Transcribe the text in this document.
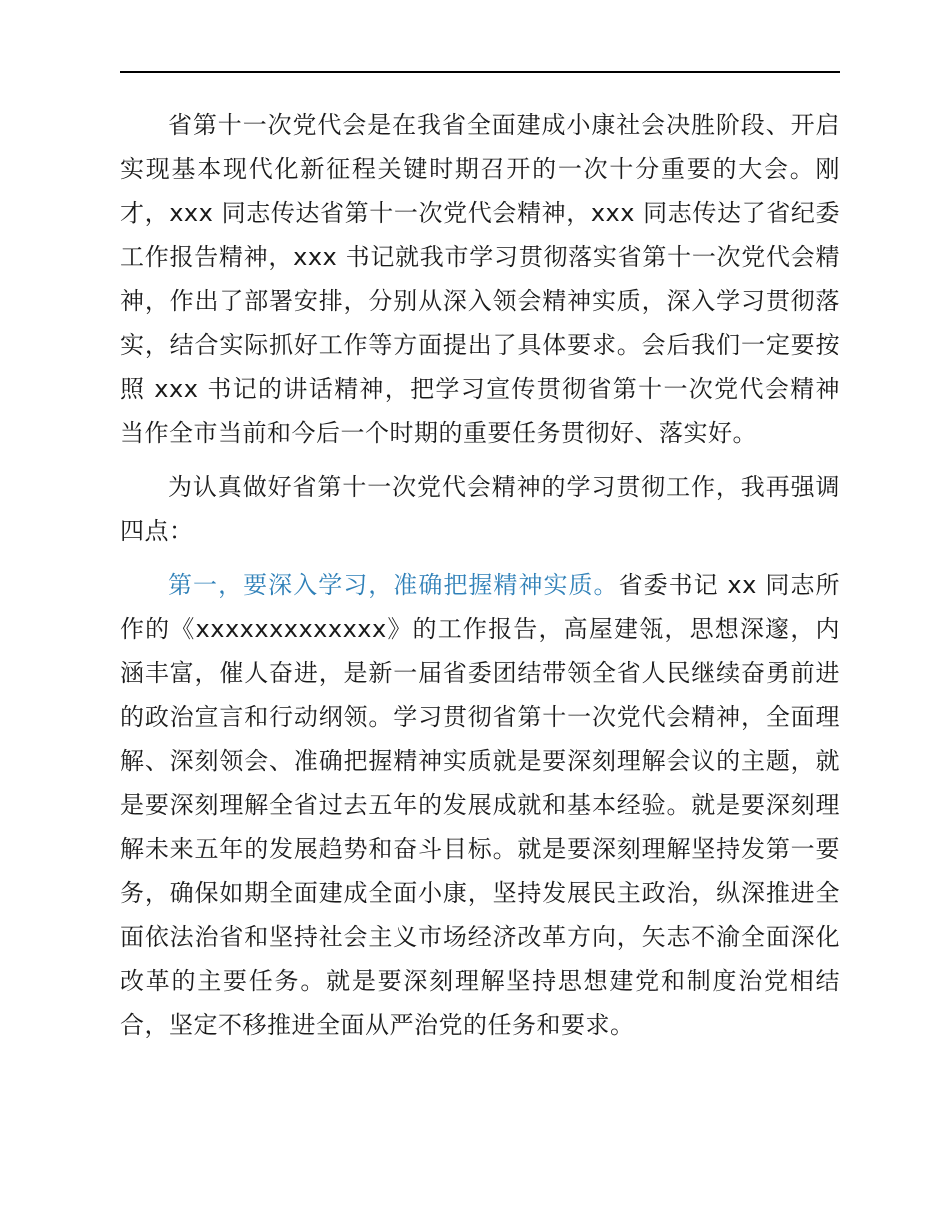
省第十一次党代会是在我省全面建成小康社会决胜阶段、开启实现基本现代化新征程关键时期召开的一次十分重要的大会。刚才，xxx 同志传达省第十一次党代会精神，xxx 同志传达了省纪委工作报告精神，xxx 书记就我市学习贯彻落实省第十一次党代会精神，作出了部署安排，分别从深入领会精神实质，深入学习贯彻落实，结合实际抓好工作等方面提出了具体要求。会后我们一定要按照 xxx 书记的讲话精神，把学习宣传贯彻省第十一次党代会精神当作全市当前和今后一个时期的重要任务贯彻好、落实好。

为认真做好省第十一次党代会精神的学习贯彻工作，我再强调四点：

第一，要深入学习，准确把握精神实质。省委书记 xx 同志所作的《xxxxxxxxxxxxx》的工作报告，高屋建瓴，思想深邃，内涵丰富，催人奋进，是新一届省委团结带领全省人民继续奋勇前进的政治宣言和行动纲领。学习贯彻省第十一次党代会精神，全面理解、深刻领会、准确把握精神实质就是要深刻理解会议的主题，就是要深刻理解全省过去五年的发展成就和基本经验。就是要深刻理解未来五年的发展趋势和奋斗目标。就是要深刻理解坚持发第一要务，确保如期全面建成全面小康，坚持发展民主政治，纵深推进全面依法治省和坚持社会主义市场经济改革方向，矢志不渝全面深化改革的主要任务。就是要深刻理解坚持思想建党和制度治党相结合，坚定不移推进全面从严治党的任务和要求。
